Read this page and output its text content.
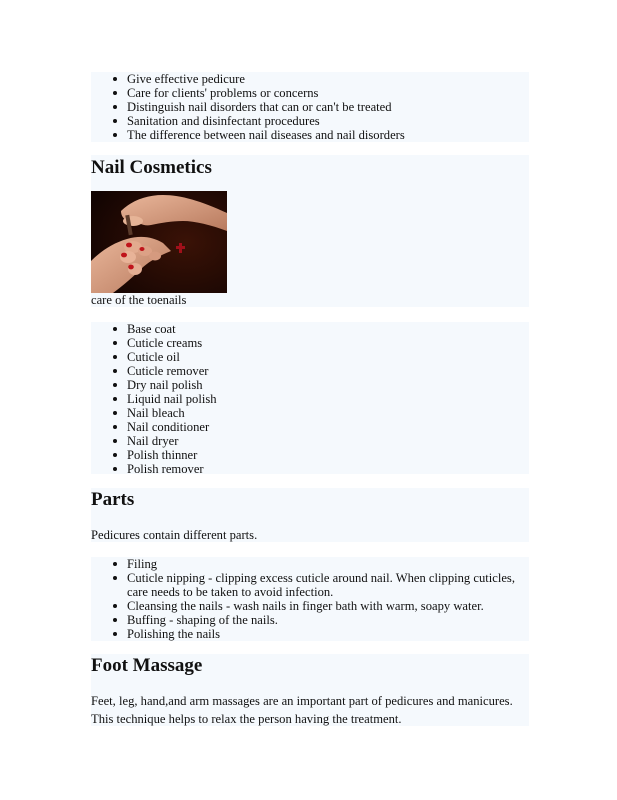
Give effective pedicure
Care for clients' problems or concerns
Distinguish nail disorders that can or can't be treated
Sanitation and disinfectant procedures
The difference between nail diseases and nail disorders
Nail Cosmetics

care of the toenails

Base coat
Cuticle creams
Cuticle oil
Cuticle remover
Dry nail polish
Liquid nail polish
Nail bleach
Nail conditioner
Nail dryer
Polish thinner
Polish remover
Parts

Pedicures contain different parts.

Filing
Cuticle nipping - clipping excess cuticle around nail. When clipping cuticles, care needs to be taken to avoid infection.
Cleansing the nails - wash nails in finger bath with warm, soapy water.
Buffing - shaping of the nails.
Polishing the nails
Foot Massage

Feet, leg, hand,and arm massages are an important part of pedicures and manicures. This technique helps to relax the person having the treatment.
